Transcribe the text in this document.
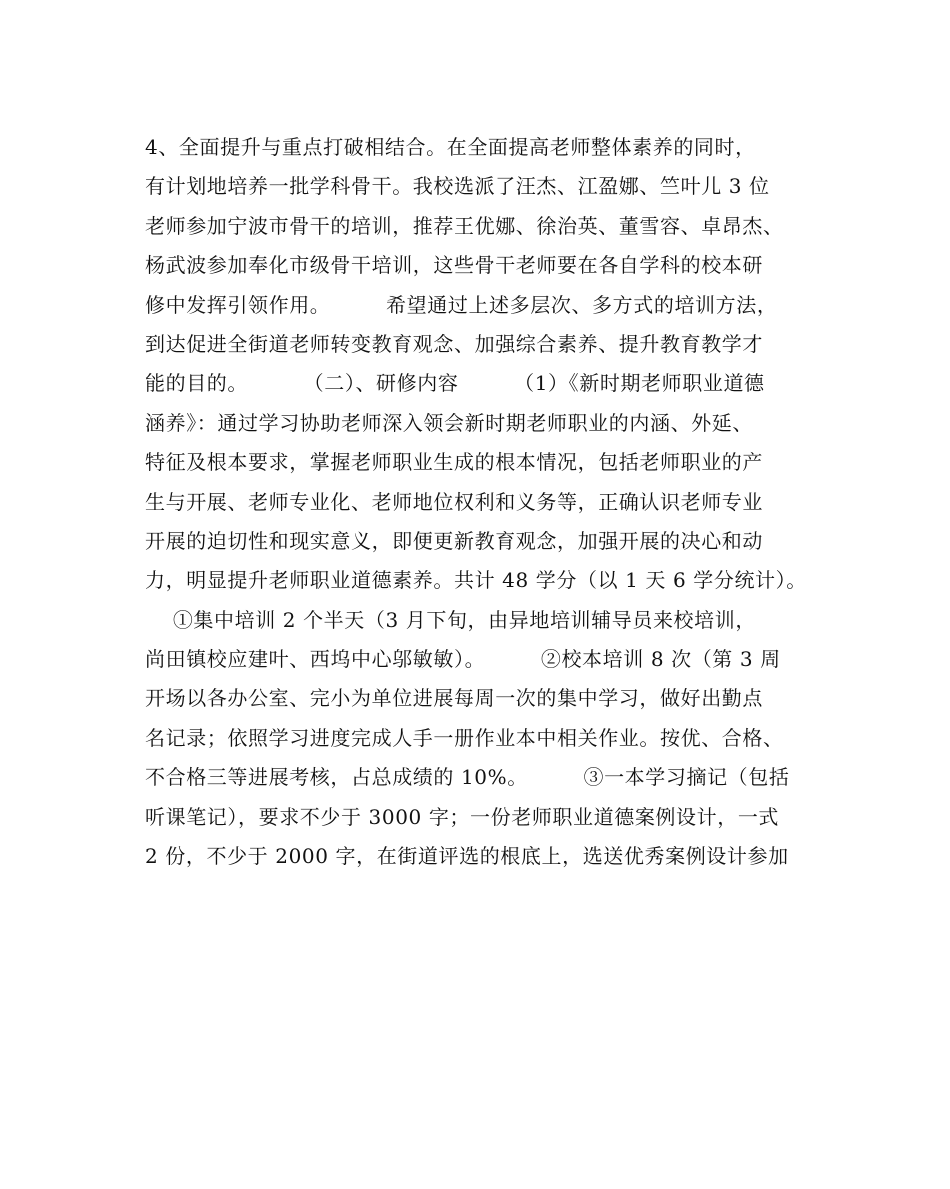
4、全面提升与重点打破相结合。在全面提高老师整体素养的同时，
有计划地培养一批学科骨干。我校选派了汪杰、江盈娜、竺叶儿 3 位
老师参加宁波市骨干的培训，推荐王优娜、徐治英、董雪容、卓昂杰、
杨武波参加奉化市级骨干培训，这些骨干老师要在各自学科的校本研
修中发挥引领作用。        希望通过上述多层次、多方式的培训方法，
到达促进全街道老师转变教育观念、加强综合素养、提升教育教学才
能的目的。        （二）、研修内容        （1）《新时期老师职业道德
涵养》：通过学习协助老师深入领会新时期老师职业的内涵、外延、
特征及根本要求，掌握老师职业生成的根本情况，包括老师职业的产
生与开展、老师专业化、老师地位权利和义务等，正确认识老师专业
开展的迫切性和现实意义，即便更新教育观念，加强开展的决心和动
力，明显提升老师职业道德素养。共计 48 学分（以 1 天 6 学分统计）。
①集中培训 2 个半天（3 月下旬，由异地培训辅导员来校培训，
尚田镇校应建叶、西坞中心邬敏敏）。        ②校本培训 8 次（第 3 周
开场以各办公室、完小为单位进展每周一次的集中学习，做好出勤点
名记录；依照学习进度完成人手一册作业本中相关作业。按优、合格、
不合格三等进展考核，占总成绩的 10%。        ③一本学习摘记（包括
听课笔记），要求不少于 3000 字；一份老师职业道德案例设计，一式
2 份，不少于 2000 字，在街道评选的根底上，选送优秀案例设计参加
